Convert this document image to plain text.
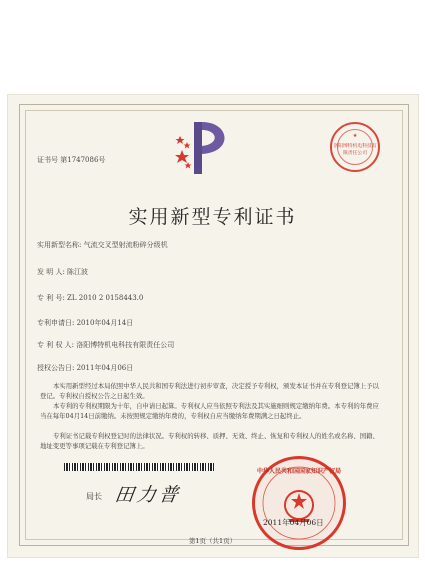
证书号 第1747086号
★
洛阳博特机电科技有限责任公司
实用新型专利证书
实用新型名称: 气流交叉型射流粉碎分级机
发 明 人: 陈江波
专 利 号: ZL 2010 2 0158443.0
专利申请日: 2010年04月14日
专 利 权 人: 洛阳博特机电科技有限责任公司
授权公告日: 2011年04月06日
本实用新型经过本局依照中华人民共和国专利法进行初步审查，决定授予专利权，颁发本证书并在专利登记簿上予以登记。专利权自授权公告之日起生效。
本专利的专利权期限为十年，自申请日起算。专利权人应当依照专利法及其实施细则规定缴纳年费。本专利的年费应当在每年04月14日前缴纳。未按照规定缴纳年费的，专利权自应当缴纳年费期满之日起终止。
专利证书记载专利权登记时的法律状况。专利权的转移、质押、无效、终止、恢复和专利权人的姓名或名称、国籍、地址变更等事项记载在专利登记簿上。
局长 田力普
中华人民共和国国家知识产权局
2011年04月06日
第1页（共1页）
